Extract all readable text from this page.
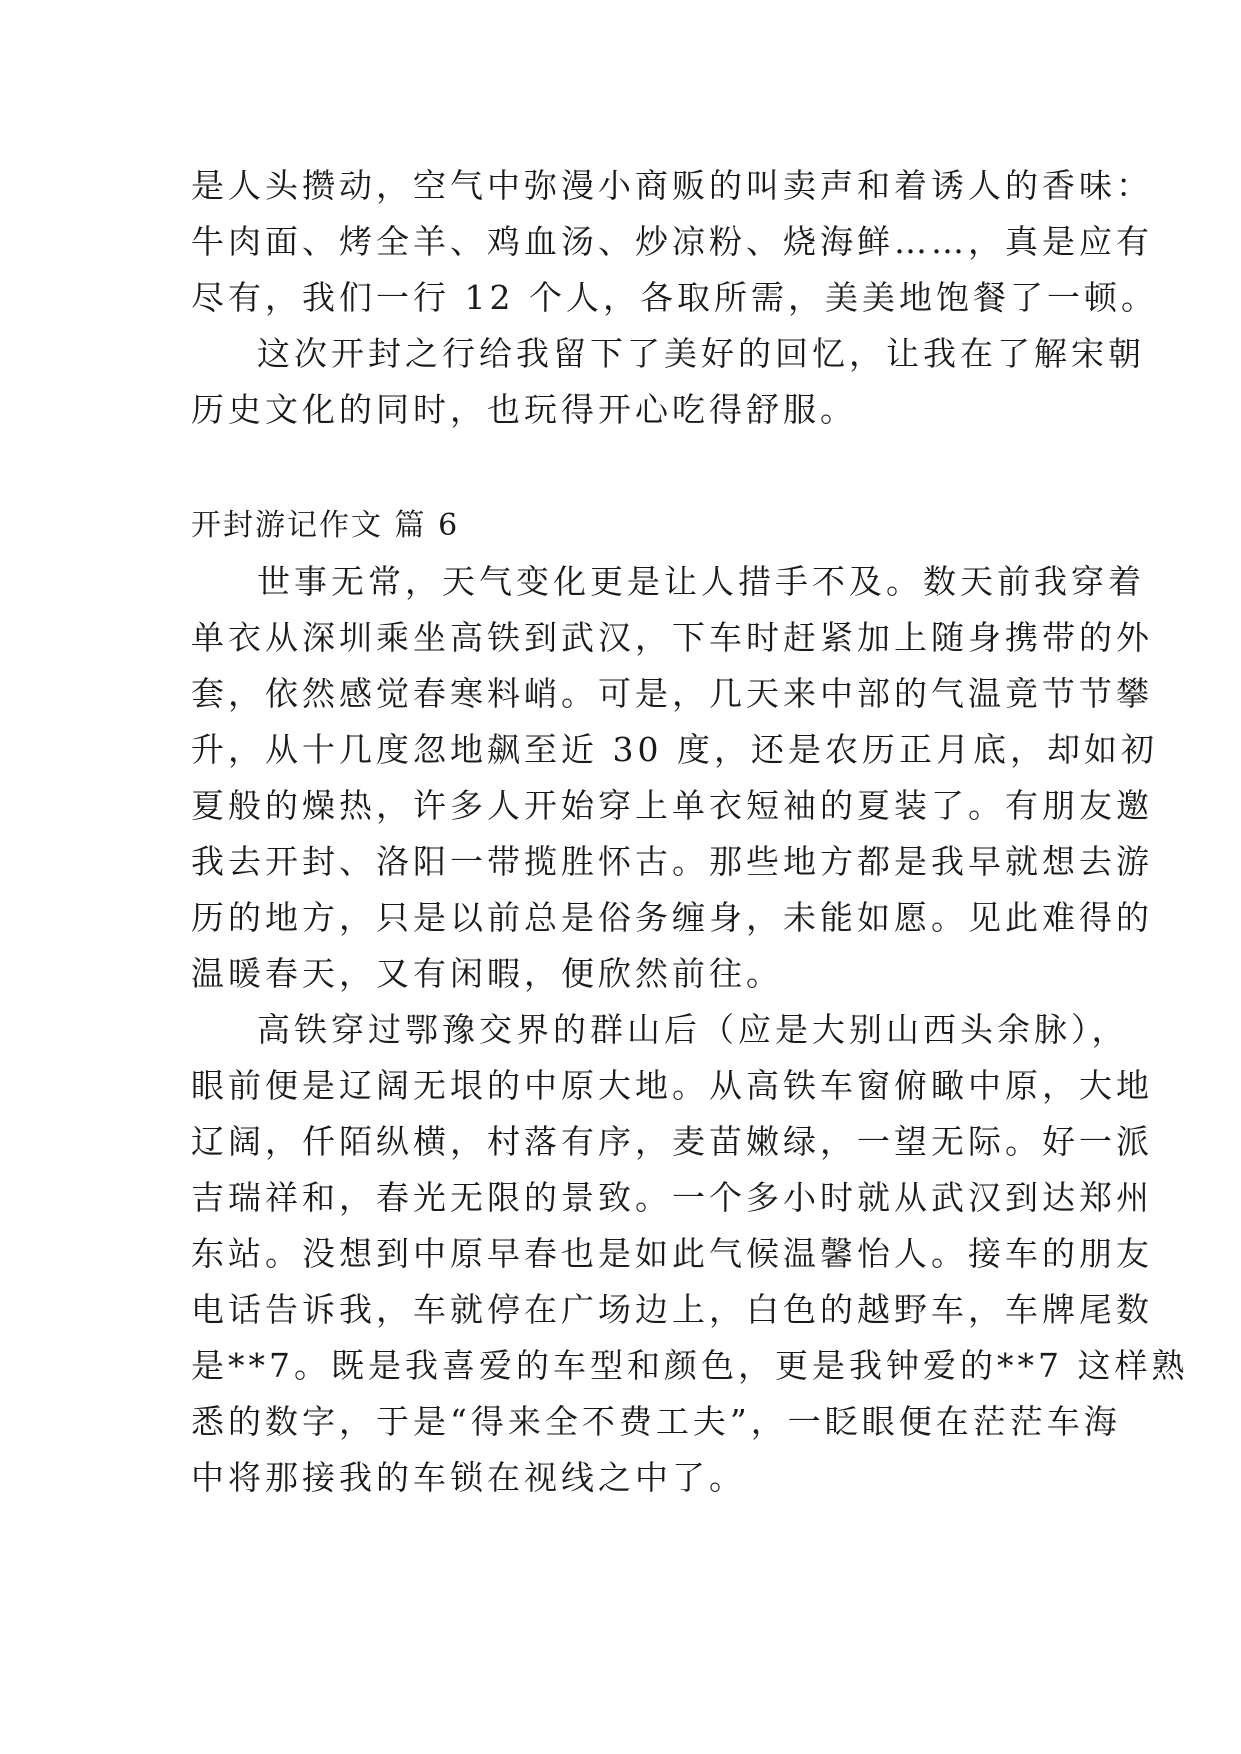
是人头攒动，空气中弥漫小商贩的叫卖声和着诱人的香味：
牛肉面、烤全羊、鸡血汤、炒凉粉、烧海鲜……，真是应有
尽有，我们一行 12 个人，各取所需，美美地饱餐了一顿。
这次开封之行给我留下了美好的回忆，让我在了解宋朝
历史文化的同时，也玩得开心吃得舒服。
开封游记作文 篇 6
世事无常，天气变化更是让人措手不及。数天前我穿着
单衣从深圳乘坐高铁到武汉，下车时赶紧加上随身携带的外
套，依然感觉春寒料峭。可是，几天来中部的气温竟节节攀
升，从十几度忽地飙至近 30 度，还是农历正月底，却如初
夏般的燥热，许多人开始穿上单衣短袖的夏装了。有朋友邀
我去开封、洛阳一带揽胜怀古。那些地方都是我早就想去游
历的地方，只是以前总是俗务缠身，未能如愿。见此难得的
温暖春天，又有闲暇，便欣然前往。
高铁穿过鄂豫交界的群山后（应是大别山西头余脉），
眼前便是辽阔无垠的中原大地。从高铁车窗俯瞰中原，大地
辽阔，仟陌纵横，村落有序，麦苗嫩绿，一望无际。好一派
吉瑞祥和，春光无限的景致。一个多小时就从武汉到达郑州
东站。没想到中原早春也是如此气候温馨怡人。接车的朋友
电话告诉我，车就停在广场边上，白色的越野车，车牌尾数
是**7。既是我喜爱的车型和颜色，更是我钟爱的**7 这样熟
悉的数字，于是“得来全不费工夫”，一眨眼便在茫茫车海
中将那接我的车锁在视线之中了。
